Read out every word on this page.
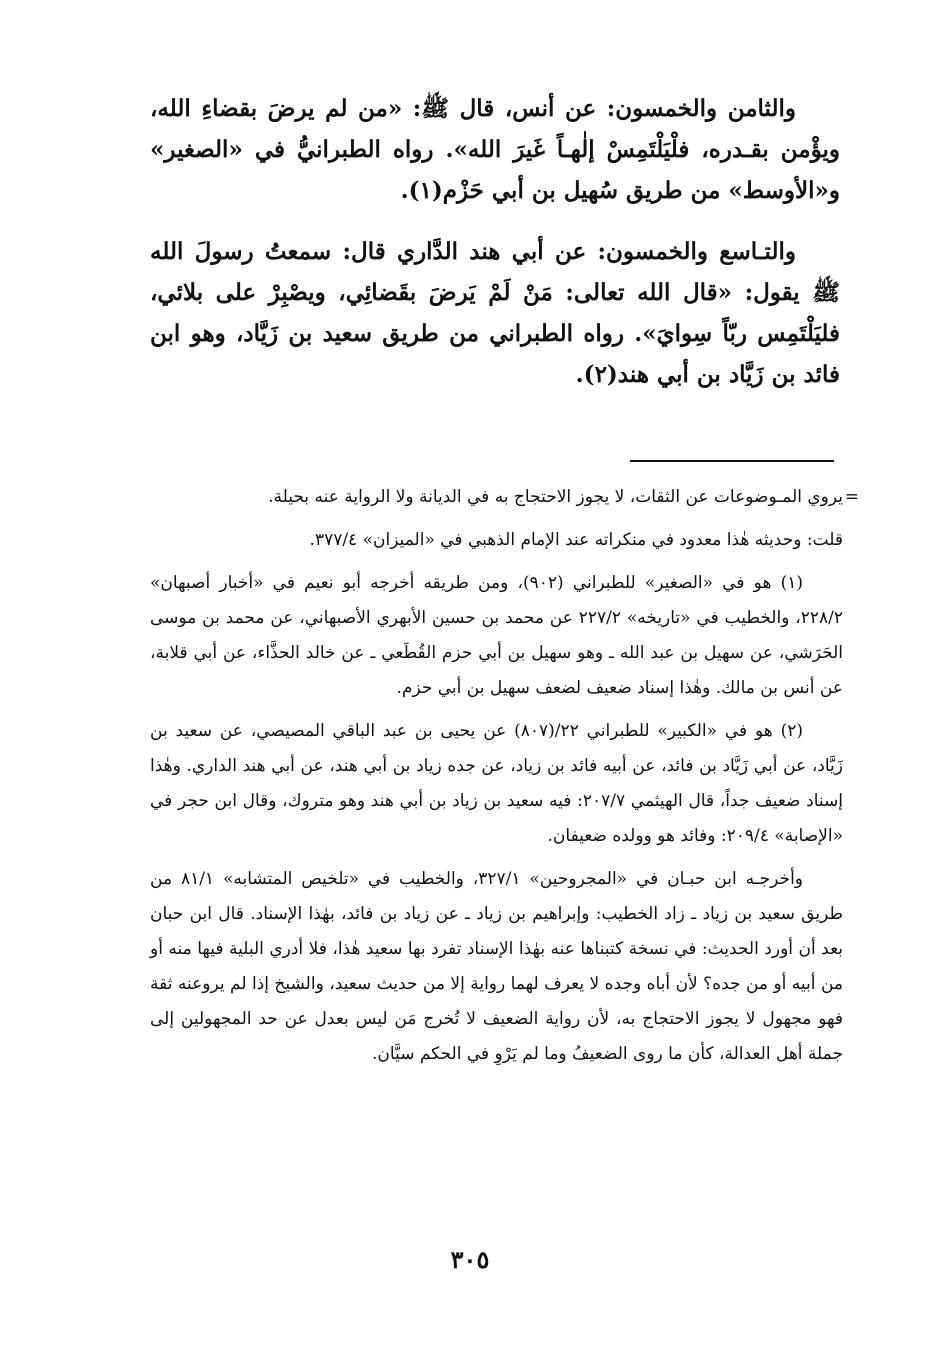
والثامن والخمسون: عن أنس، قال ﷺ: «من لم يرضَ بقضاءِ الله، ويؤْمن بقـدره، فلْيَلْتَمِسْ إلٰهـاً غَيرَ الله». رواه الطبرانيُّ في «الصغير» و«الأوسط» من طريق سُهيل بن أبي حَزْم(١).

والتـاسع والخمسون: عن أبي هند الدَّاري قال: سمعتُ رسولَ الله ﷺ يقول: «قال الله تعالى: مَنْ لَمْ يَرضَ بقَضائِي، ويصْبِرْ على بلائي، فليَلْتَمِس ربّاً سِوايَ». رواه الطبراني من طريق سعيد بن زَيَّاد، وهو ابن فائد بن زَيَّاد بن أبي هند(٢).

=
يروي المـوضوعات عن الثقات، لا يجوز الاحتجاج به في الديانة ولا الرواية عنه بحيلة.

قلت: وحديثه هٰذا معدود في منكراته عند الإمام الذهبي في «الميزان» ٣٧٧/٤.

(١) هو في «الصغير» للطبراني (٩٠٢)، ومن طريقه أخرجه أبو نعيم في «أخبار أصبهان» ٢٢٨/٢، والخطيب في «تاريخه» ٢٢٧/٢ عن محمد بن حسين الأبهري الأصبهاني، عن محمد بن موسى الحَرَشي، عن سهيل بن عبد الله ـ وهو سهيل بن أبي حزم القُطَعي ـ عن خالد الحذَّاء، عن أبي قلابة، عن أنس بن مالك. وهٰذا إسناد ضعيف لضعف سهيل بن أبي حزم.

(٢) هو في «الكبير» للطبراني ٢٢/(٨٠٧) عن يحيى بن عبد الباقي المصيصي، عن سعيد بن زَيَّاد، عن أبي زَيَّاد بن فائد، عن أبيه فائد بن زياد، عن جده زياد بن أبي هند، عن أبي هند الداري. وهٰذا إسناد ضعيف جداً، قال الهيثمي ٢٠٧/٧: فيه سعيد بن زياد بن أبي هند وهو متروك، وقال ابن حجر في «الإصابة» ٢٠٩/٤: وفائد هو وولده ضعيفان.

وأخرجـه ابن حبـان في «المجروحين» ٣٢٧/١، والخطيب في «تلخيص المتشابه» ٨١/١ من طريق سعيد بن زياد ـ زاد الخطيب: وإبراهيم بن زياد ـ عن زياد بن فائد، بهٰذا الإسناد. قال ابن حبان بعد أن أورد الحديث: في نسخة كتبناها عنه بهٰذا الإسناد تفرد بها سعيد هٰذا، فلا أدري البلية فيها منه أو من أبيه أو من جده؟ لأن أباه وجده لا يعرف لهما رواية إلا من حديث سعيد، والشيخ إذا لم يروعنه ثقة فهو مجهول لا يجوز الاحتجاج به، لأن رواية الضعيف لا تُخرج مَن ليس بعدل عن حد المجهولين إلى جملة أهل العدالة، كأن ما روى الضعيفُ وما لم يَرْوِ في الحكم سيَّان.

٣٠٥
